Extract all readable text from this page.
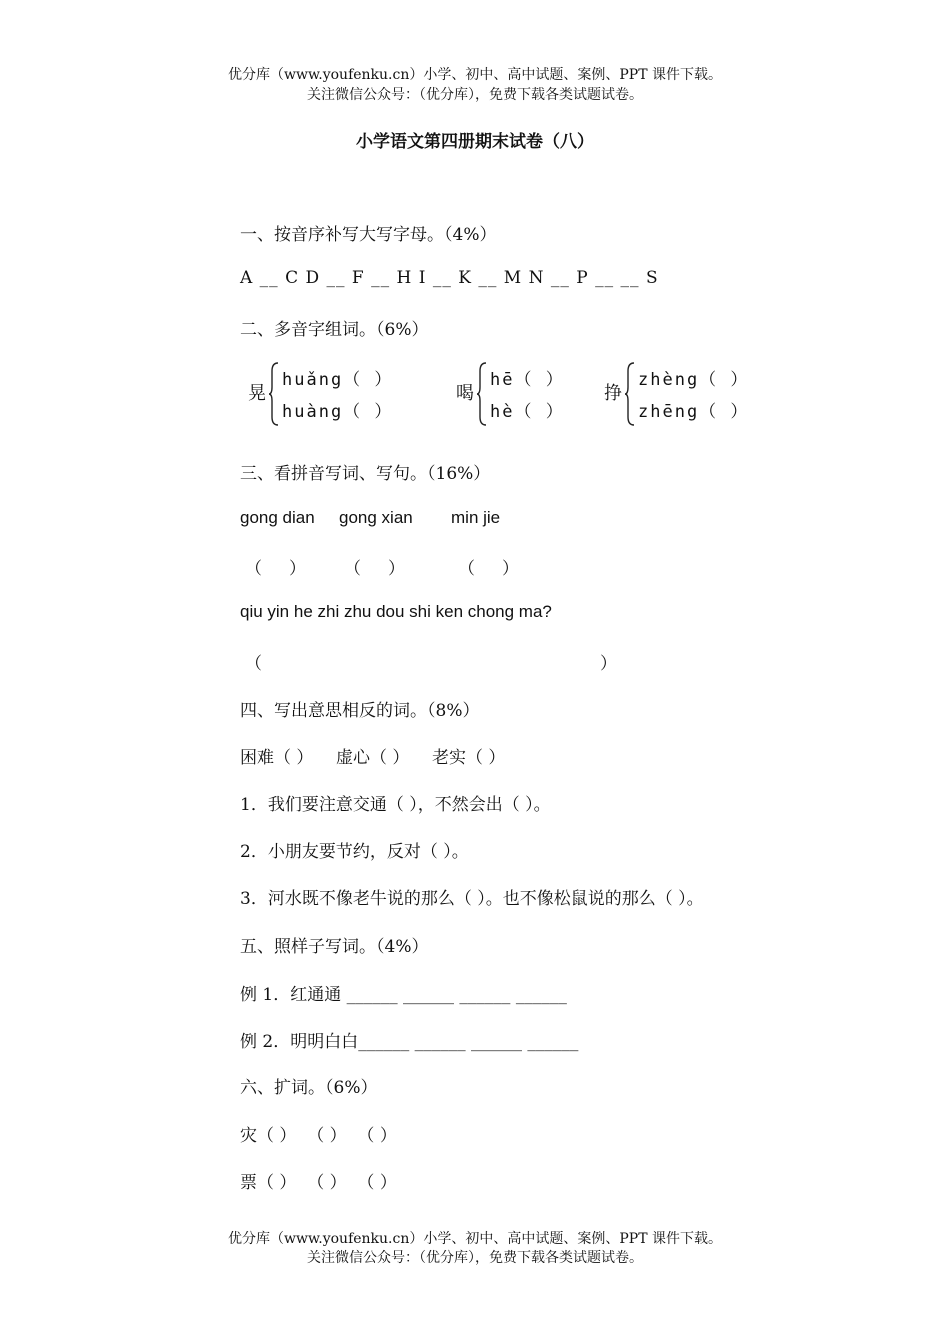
优分库（www.youfenku.cn）小学、初中、高中试题、案例、PPT 课件下载。
关注微信公众号：（优分库），免费下载各类试题试卷。
小学语文第四册期末试卷（八）
一、按音序补写大写字母。（4%）
A __ C D __ F __ H I __ K __ M N __ P __ __ S
二、多音字组词。（6%）
晃
huǎng（ ）
huàng（ ）
喝
hē（ ）
hè（ ）
挣
zhèng（ ）
zhēng（ ）
三、看拼音写词、写句。（16%）
gong dian gong xian min jie
（     ） （     ）	（     ）
qiu yin he zhi zhu dou shi ken chong ma?
（	）
四、写出意思相反的词。（8%）
困难（ ） 虚心（ ） 老实（ ）
1．我们要注意交通（ ），不然会出（ ）。
2．小朋友要节约，反对（ ）。
3．河水既不像老牛说的那么（ ）。也不像松鼠说的那么（ ）。
五、照样子写词。（4%）
例 1．红通通 ______ ______ ______ ______
例 2．明明白白______ ______ ______ ______
六、扩词。（6%）
灾（ ）  （ ）  （ ）
票（ ）  （ ）  （ ）
优分库（www.youfenku.cn）小学、初中、高中试题、案例、PPT 课件下载。
关注微信公众号：（优分库），免费下载各类试题试卷。
